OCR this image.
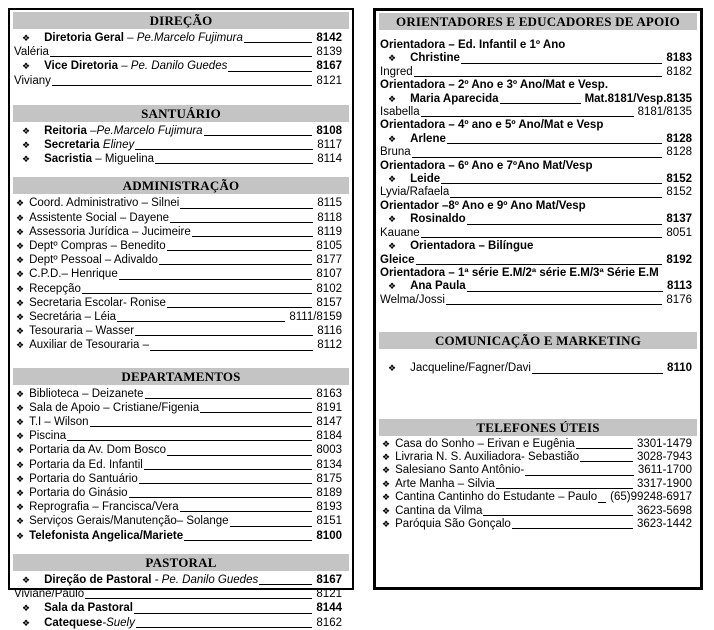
DIREÇÃO
❖ Diretoria Geral – Pe.Marcelo Fujimura	8142
Valéria	8139
❖ Vice Diretoria – Pe. Danilo Guedes	8167
Viviany	8121
SANTUÁRIO
❖ Reitoria –Pe.Marcelo Fujimura	8108
❖ Secretaria Eliney	8117
❖ Sacristia – Miguelina	8114
ADMINISTRAÇÃO
❖ Coord. Administrativo – Silnei	8115
❖ Assistente Social – Dayene	8118
❖ Assessoria Jurídica – Jucimeire	8119
❖ Deptº Compras – Benedito	8105
❖ Deptº Pessoal – Adivaldo	8177
❖ C.P.D.– Henrique	8107
❖ Recepção	8102
❖ Secretaria Escolar- Ronise	8157
❖ Secretária – Léia	8111/8159
❖ Tesouraria – Wasser	8116
❖ Auxiliar de Tesouraria –	8112
DEPARTAMENTOS
❖ Biblioteca – Deizanete	8163
❖ Sala de Apoio – Cristiane/Figenia	8191
❖ T.I – Wilson	8147
❖ Piscina	8184
❖ Portaria da Av. Dom Bosco	8003
❖ Portaria da Ed. Infantil	8134
❖ Portaria do Santuário	8175
❖ Portaria do Ginásio	8189
❖ Reprografia – Francisca/Vera	8193
❖ Serviços Gerais/Manutenção– Solange	8151
❖ Telefonista Angelica/Mariete	8100
PASTORAL
❖ Direção de Pastoral - Pe. Danilo Guedes	8167
Viviane/Paulo	8121
❖ Sala da Pastoral	8144
❖ Catequese-Suely	8162
ORIENTADORES E EDUCADORES DE APOIO
Orientadora – Ed. Infantil e 1º Ano
❖ Christine	8183
Ingred	8182
Orientadora – 2º Ano e 3º Ano/Mat e Vesp.
❖ Maria Aparecida	Mat.8181/Vesp.8135
Isabella	8181/8135
Orientadora – 4º ano e 5º Ano/Mat e Vesp
❖ Arlene	8128
Bruna	8128
Orientadora – 6º Ano e 7ºAno Mat/Vesp
❖ Leide	8152
Lyvia/Rafaela	8152
Orientador –8º Ano e 9º Ano Mat/Vesp
❖ Rosinaldo	8137
Kauane	8051
❖ Orientadora – Bilíngue
Gleice	8192
Orientadora – 1ª série E.M/2ª série E.M/3ª Série E.M
❖ Ana Paula	8113
Welma/Jossi	8176
COMUNICAÇÃO E MARKETING
❖ Jacqueline/Fagner/Davi	8110
TELEFONES ÚTEIS
❖ Casa do Sonho – Erivan e Eugênia	3301-1479
❖ Livraria N. S. Auxiliadora- Sebastião	3028-7943
❖ Salesiano Santo Antônio-	3611-1700
❖ Arte Manha – Silvia	3317-1900
❖ Cantina Cantinho do Estudante – Paulo (65)99248-6917
❖ Cantina da Vilma	3623-5698
❖ Paróquia São Gonçalo	3623-1442
